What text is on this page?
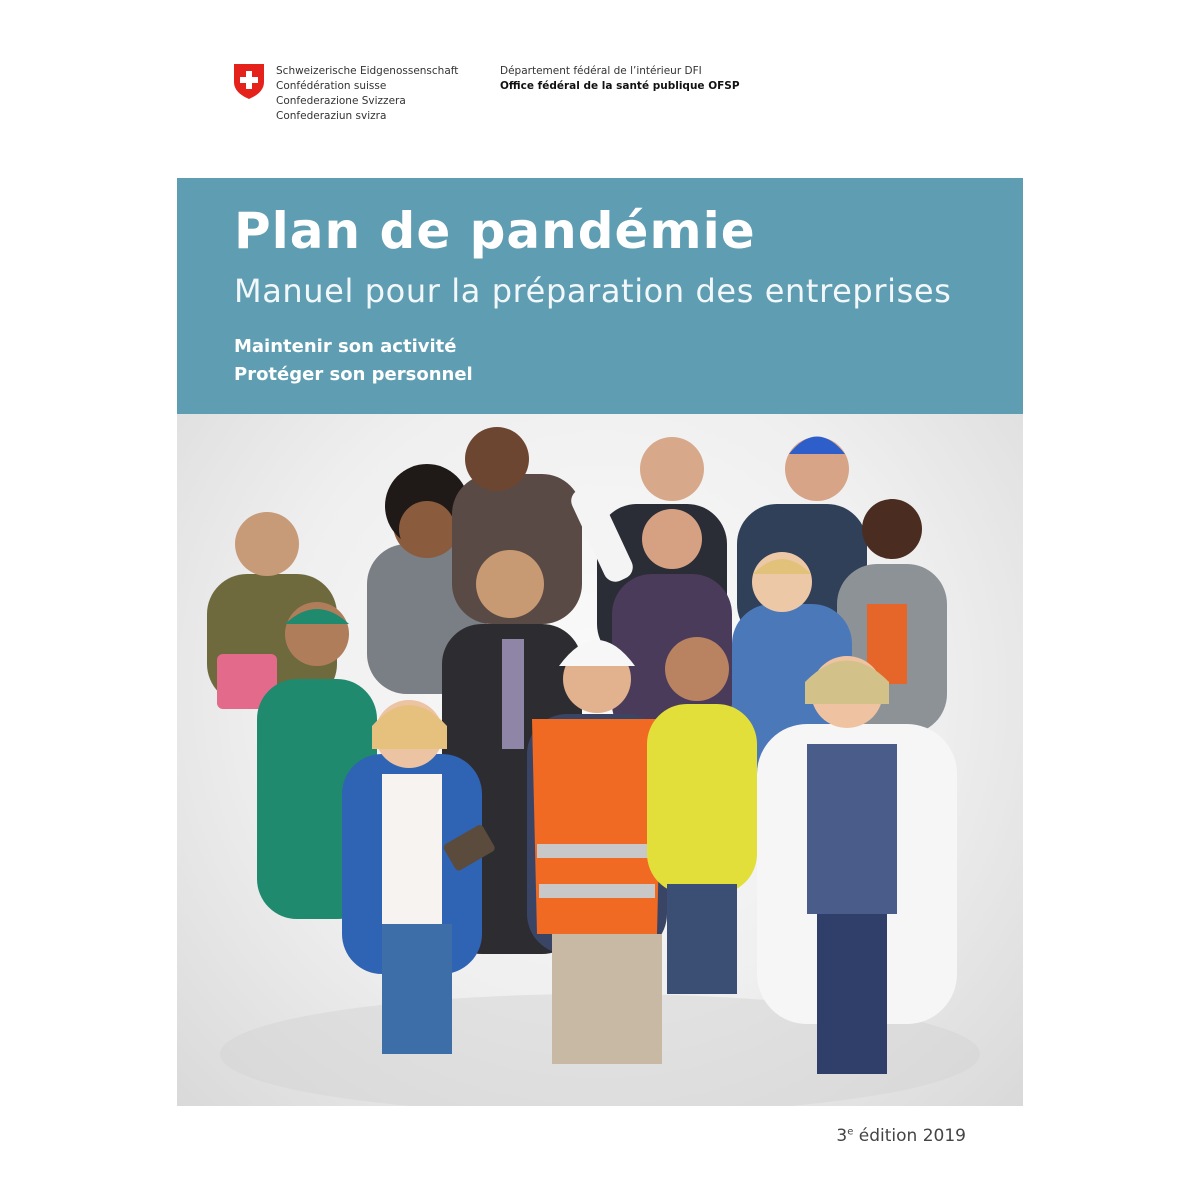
Schweizerische Eidgenossenschaft
Confédération suisse
Confederazione Svizzera
Confederaziun svizra
Département fédéral de l’intérieur DFI
Office fédéral de la santé publique OFSP
Plan de pandémie
Manuel pour la préparation des entreprises
Maintenir son activité
Protéger son personnel
3e édition 2019
